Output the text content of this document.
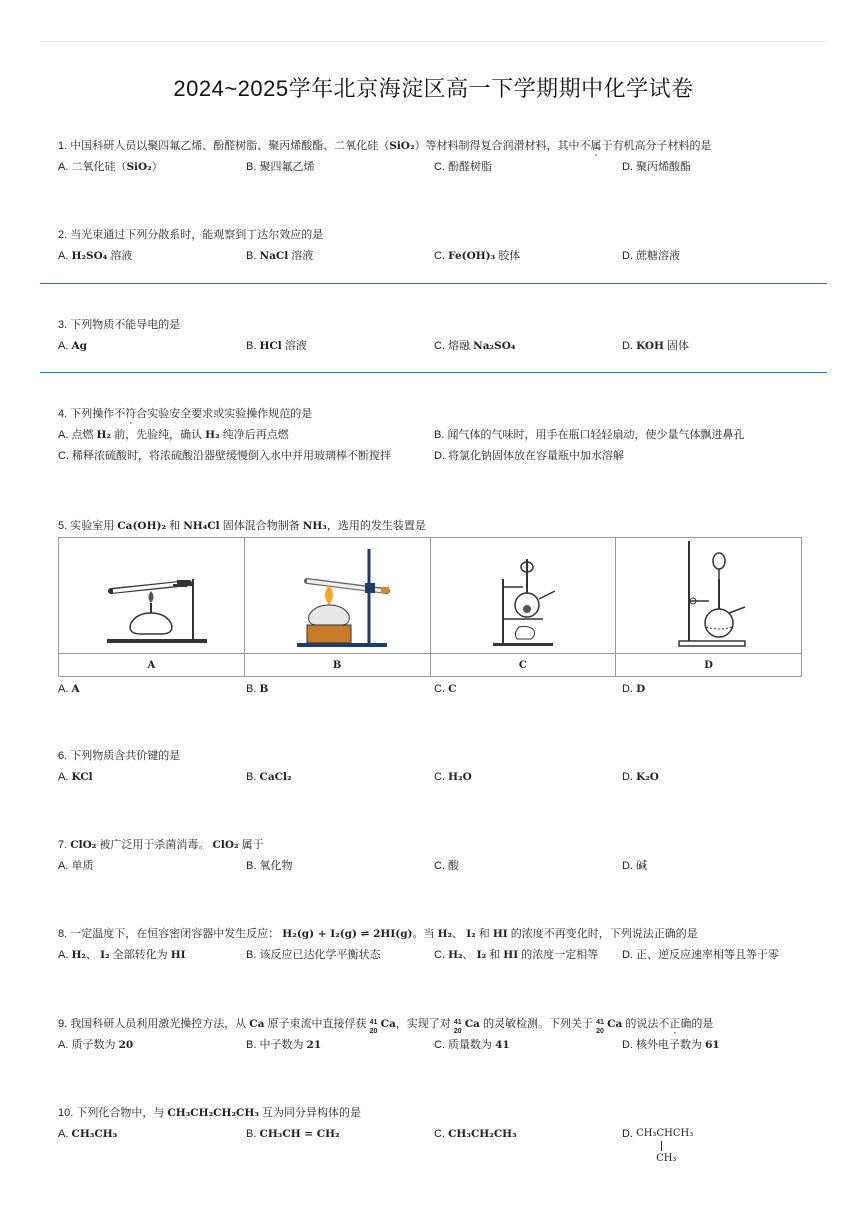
2024~2025学年北京海淀区高一下学期期中化学试卷
1. 中国科研人员以聚四氟乙烯、酚醛树脂、聚丙烯酸酯、二氧化硅（SiO₂）等材料制得复合润滑材料，其中不属于有机高分子材料的是
A. 二氧化硅（SiO₂）	B. 聚四氟乙烯	C. 酚醛树脂	D. 聚丙烯酸酯
2. 当光束通过下列分散系时，能观察到丁达尔效应的是
A. H₂SO₄ 溶液	B. NaCl 溶液	C. Fe(OH)₃ 胶体	D. 蔗糖溶液
3. 下列物质不能导电的是
A. Ag	B. HCl 溶液	C. 熔融 Na₂SO₄	D. KOH 固体
4. 下列操作不符合实验安全要求或实验操作规范的是
A. 点燃 H₂ 前，先验纯，确认 H₂ 纯净后再点燃	B. 闻气体的气味时，用手在瓶口轻轻扇动，使少量气体飘进鼻孔
C. 稀释浓硫酸时，将浓硫酸沿器壁缓慢倒入水中并用玻璃棒不断搅拌	D. 将氯化钠固体放在容量瓶中加水溶解
5. 实验室用 Ca(OH)₂ 和 NH₄Cl 固体混合物制备 NH₃，选用的发生装置是

A	B	C	D
A. A	B. B	C. C	D. D
6. 下列物质含共价键的是
A. KCl	B. CaCl₂	C. H₂O	D. K₂O
7. ClO₂ 被广泛用于杀菌消毒。 ClO₂ 属于
A. 单质	B. 氧化物	C. 酸	D. 碱
8. 一定温度下，在恒容密闭容器中发生反应： H₂(g) + I₂(g) ⇌ 2HI(g)。当 H₂、 I₂ 和 HI 的浓度不再变化时，下列说法正确的是
A. H₂、 I₂ 全部转化为 HI	B. 该反应已达化学平衡状态	C. H₂、 I₂ 和 HI 的浓度一定相等 D. 正、逆反应速率相等且等于零
9. 我国科研人员利用激光操控方法，从 Ca 原子束流中直接俘获 41
20
Ca，实现了对 41
20
Ca 的灵敏检测。下列关于 41
20
Ca 的说法不正确的是
A. 质子数为 20	B. 中子数为 21	C. 质量数为 41	D. 核外电子数为 61
10. 下列化合物中，与 CH₃CH₂CH₂CH₃ 互为同分异构体的是
A. CH₃CH₃	B. CH₃CH = CH₂	C. CH₃CH₂CH₃	D. CH₃CHCH₃
CH₃
